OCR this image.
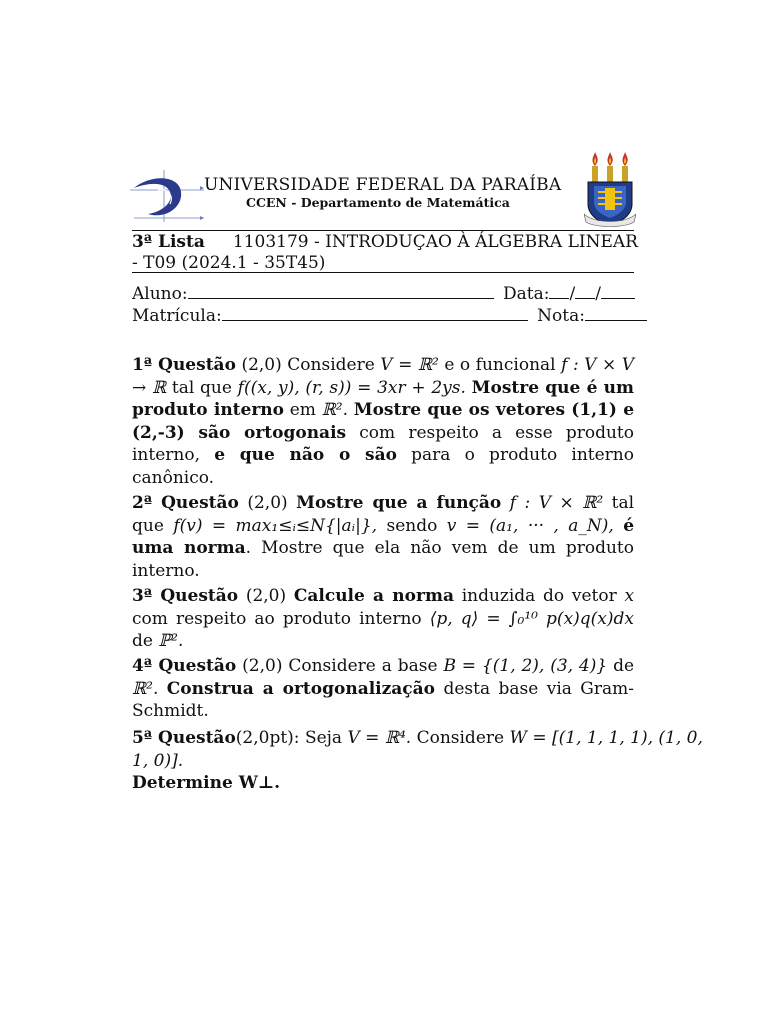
UNIVERSIDADE FEDERAL DA PARAÍBA
CCEN - Departamento de Matemática
3ª Lista 1103179 - INTRODUÇAO À ÁLGEBRA LINEAR
- T09 (2024.1 - 35T45)
Aluno:	Data: / /
Matrícula:	Nota:
1ª Questão (2,0) Considere V = ℝ² e o funcional f : V × V → ℝ tal que f((x, y), (r, s)) = 3xr + 2ys. Mostre que é um produto interno em ℝ². Mostre que os vetores (1,1) e (2,-3) são ortogonais com respeito a esse produto interno, e que não o são para o produto interno canônico.
2ª Questão (2,0) Mostre que a função f : V × ℝ² tal que f(v) = max₁≤ᵢ≤N{|aᵢ|}, sendo v = (a₁, ··· , a_N), é uma norma. Mostre que ela não vem de um produto interno.
3ª Questão (2,0) Calcule a norma induzida do vetor x com respeito ao produto interno ⟨p, q⟩ = ∫₀¹⁰ p(x)q(x)dx de ℙ².
4ª Questão (2,0) Considere a base B = {(1, 2), (3, 4)} de ℝ². Construa a ortogonalização desta base via Gram-Schmidt.
5ª Questão(2,0pt): Seja V = ℝ⁴. Considere W = [(1, 1, 1, 1), (1, 0, 1, 0)].
Determine W⊥.
